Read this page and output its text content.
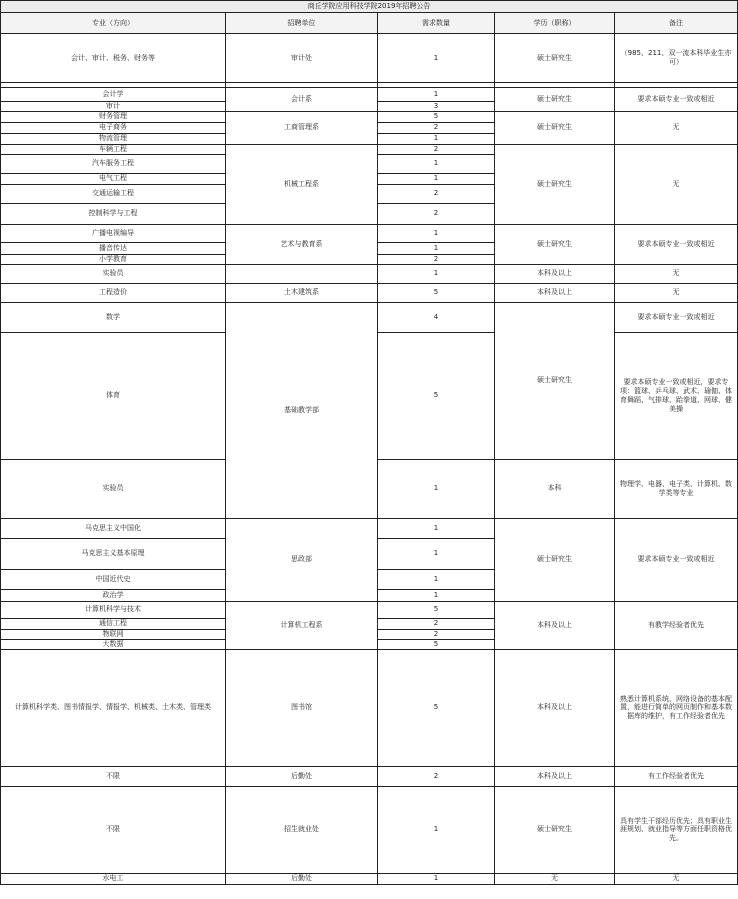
商丘学院应用科技学院2019年招聘公告				
专业（方向）	招聘单位	需求数量	学历（职称）	备注
会计、审计、税务、财务等	审计处	1	硕士研究生	（985、211、双一流本科毕业生亦可）

会计学	会计系	1	硕士研究生	要求本硕专业一致或相近
审计		3		
财务管理	工商管理系	5	硕士研究生	无
电子商务		2		
物流管理		1		
车辆工程	机械工程系	2	硕士研究生	无
汽车服务工程		1		
电气工程		1		
交通运输工程		2		
控制科学与工程		2		
广播电视编导	艺术与教育系	1	硕士研究生	要求本硕专业一致或相近
播音传达		1		
小学教育		2		
实验员		1	本科及以上	无
工程造价	土木建筑系	5	本科及以上	无
数学	基础教学部	4	硕士研究生	要求本硕专业一致或相近
体育		5		要求本硕专业一致或相近，要求专项：篮球、乒乓球、武术、瑜伽、体育舞蹈、气排球、跆拳道、网球、健美操
实验员		1	本科	物理学、电器、电子类、计算机、数学类等专业
马克思主义中国化	思政部	1	硕士研究生	要求本硕专业一致或相近
马克思主义基本原理		1		
中国近代史		1		
政治学		1		
计算机科学与技术	计算机工程系	5	本科及以上	有教学经验者优先
通信工程		2		
物联网		2		
大数据		5		
计算机科学类、图书情报学、情报学、机械类、土木类、管理类	图书馆	5	本科及以上	熟悉计算机系统，网络设备的基本配置，能进行简单的网页制作和基本数据库的维护，有工作经验者优先
不限	后勤处	2	本科及以上	有工作经验者优先
不限	招生就业处	1	硕士研究生	具有学生干部经历优先；具有职业生涯规划、就业指导等方面任职资格优先。
水电工	后勤处	1	无	无
